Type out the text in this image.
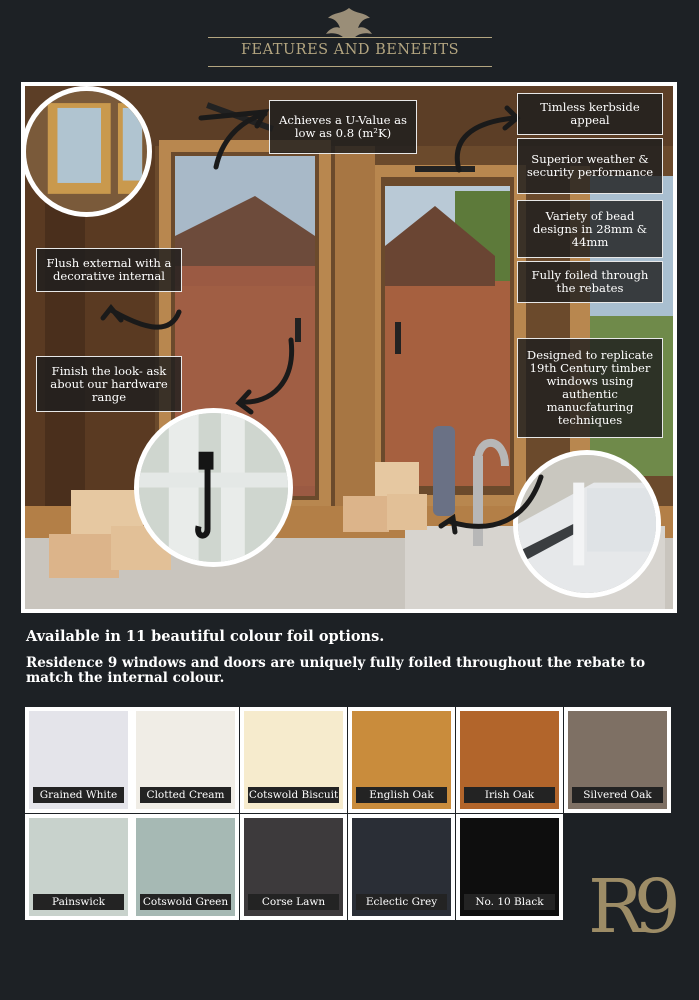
FEATURES AND BENEFITS
Achieves a U-Value as low as 0.8 (m²K)
Timless kerbside appeal
Superior weather & security performance
Variety of bead designs in 28mm & 44mm
Fully foiled through the rebates
Designed to replicate 19th Century timber windows using authentic manucfaturing techniques
Flush external with a decorative internal
Finish the look- ask about our hardware range
Available in 11 beautiful colour foil options.
Residence 9 windows and doors are uniquely fully foiled throughout the rebate to match the internal colour.
Grained White	Clotted Cream	Cotswold Biscuit	English Oak	Irish Oak	Silvered Oak
Painswick	Cotswold Green	Corse Lawn	Eclectic Grey	No. 10 Black R9
